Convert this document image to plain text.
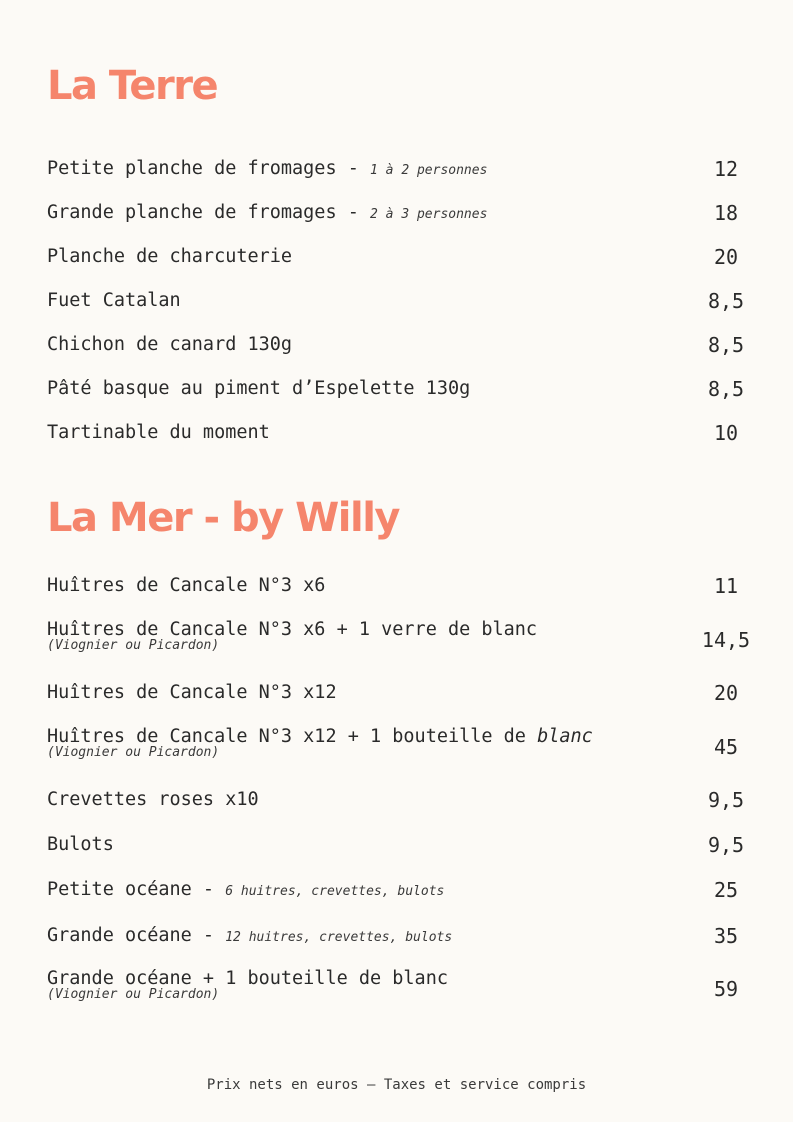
La Terre
Petite planche de fromages - 1 à 2 personnes	12
Grande planche de fromages - 2 à 3 personnes	18
Planche de charcuterie	20
Fuet Catalan	8,5
Chichon de canard 130g	8,5
Pâté basque au piment d’Espelette 130g	8,5
Tartinable du moment	10
La Mer - by Willy
Huîtres de Cancale N°3 x6	11
Huîtres de Cancale N°3 x6 + 1 verre de blanc
(Viognier ou Picardon)	14,5
Huîtres de Cancale N°3 x12	20
Huîtres de Cancale N°3 x12 + 1 bouteille de blanc
(Viognier ou Picardon)	45
Crevettes roses x10	9,5
Bulots	9,5
Petite océane - 6 huitres, crevettes, bulots	25
Grande océane - 12 huitres, crevettes, bulots	35
Grande océane + 1 bouteille de blanc
(Viognier ou Picardon)	59
Prix nets en euros – Taxes et service compris
